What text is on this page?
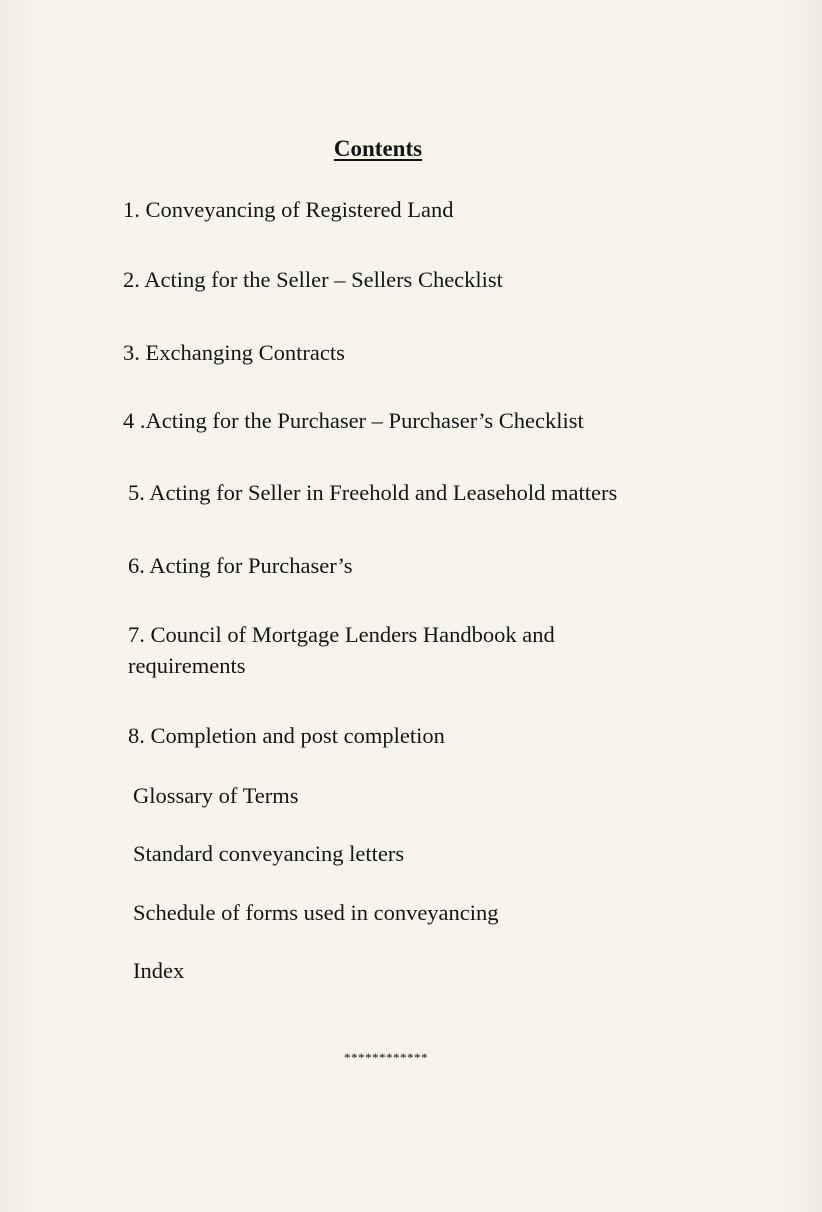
Contents

1. Conveyancing of Registered Land

2. Acting for the Seller – Sellers Checklist

3. Exchanging Contracts

4 .Acting for the Purchaser – Purchaser’s Checklist

5. Acting for Seller in Freehold and Leasehold matters

6. Acting for Purchaser’s

7. Council of Mortgage Lenders Handbook and requirements

8. Completion and post completion

Glossary of Terms

Standard conveyancing letters

Schedule of forms used in conveyancing

Index

************
